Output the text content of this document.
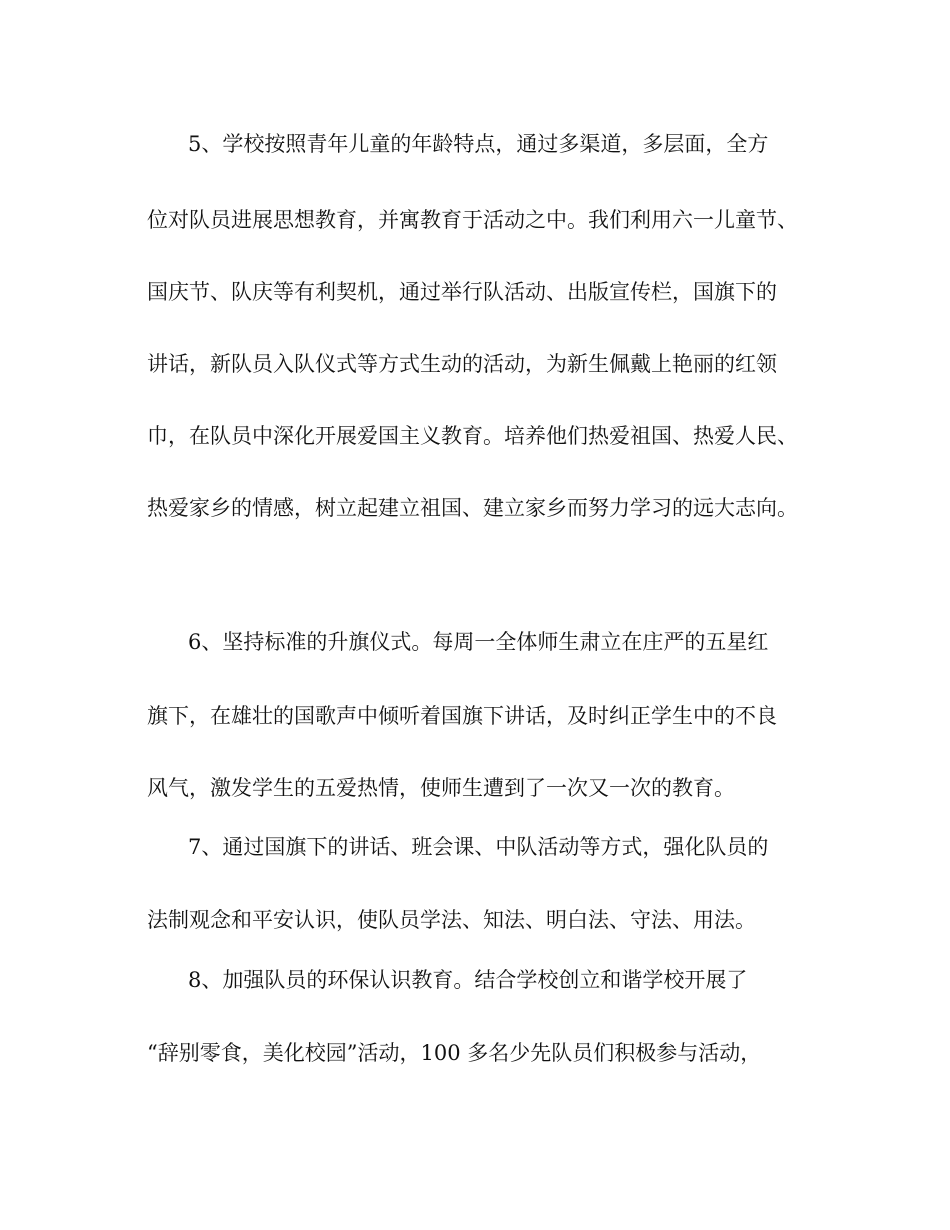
5、学校按照青年儿童的年龄特点，通过多渠道，多层面，全方
位对队员进展思想教育，并寓教育于活动之中。我们利用六一儿童节、
国庆节、队庆等有利契机，通过举行队活动、出版宣传栏，国旗下的
讲话，新队员入队仪式等方式生动的活动，为新生佩戴上艳丽的红领
巾，在队员中深化开展爱国主义教育。培养他们热爱祖国、热爱人民、
热爱家乡的情感，树立起建立祖国、建立家乡而努力学习的远大志向。
6、坚持标准的升旗仪式。每周一全体师生肃立在庄严的五星红
旗下，在雄壮的国歌声中倾听着国旗下讲话，及时纠正学生中的不良
风气，激发学生的五爱热情，使师生遭到了一次又一次的教育。
7、通过国旗下的讲话、班会课、中队活动等方式，强化队员的
法制观念和平安认识，使队员学法、知法、明白法、守法、用法。
8、加强队员的环保认识教育。结合学校创立和谐学校开展了
“辞别零食，美化校园”活动，100 多名少先队员们积极参与活动，
